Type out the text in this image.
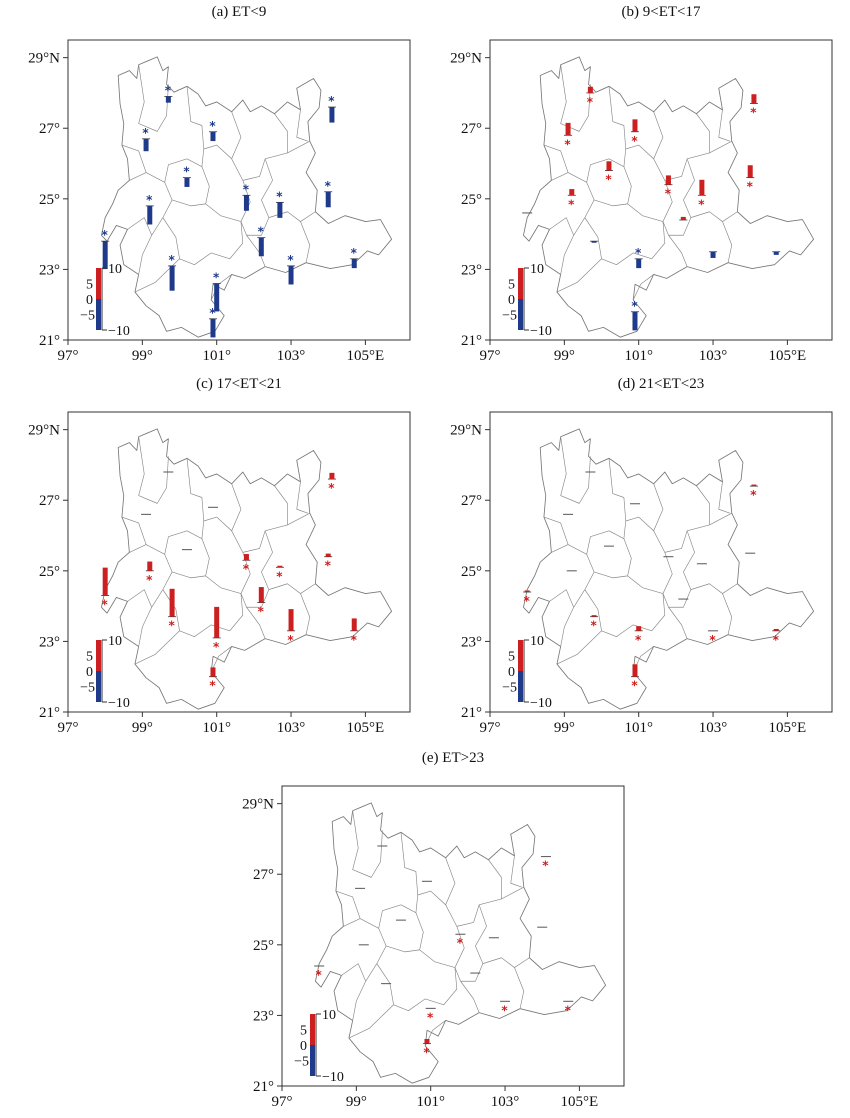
(a) ET<9
21°
23°
25°
27°
29°N
97°	99°	101°	103°	105°E
*
*
*
*
*
*
*
*
*
*
*
*
*
*
*
*
10
−10
5
0
−5
(b) 9<ET<17
21°
23°
25°
27°
29°N
97°	99°	101°	103°	105°E
*
*	*
*
*
*
*
*
*
*
*
10
−10
5
0
−5
(c) 17<ET<21
21°
23°
25°
27°
29°N
97°	99°	101°	103°	105°E
*
*
*
*
*
*
*
*
*
*	*
*
10
−10
5
0
−5
(d) 21<ET<23
21°
23°
25°
27°
29°N
97°	99°	101°	103°	105°E
*
*
*
*	*	*
*
10
−10
5
0
−5
(e) ET>23
21°
23°
25°
27°
29°N
97°	99°	101°	103°	105°E
*
*
*
*
*	*
*
10
−10
5
0
−5
